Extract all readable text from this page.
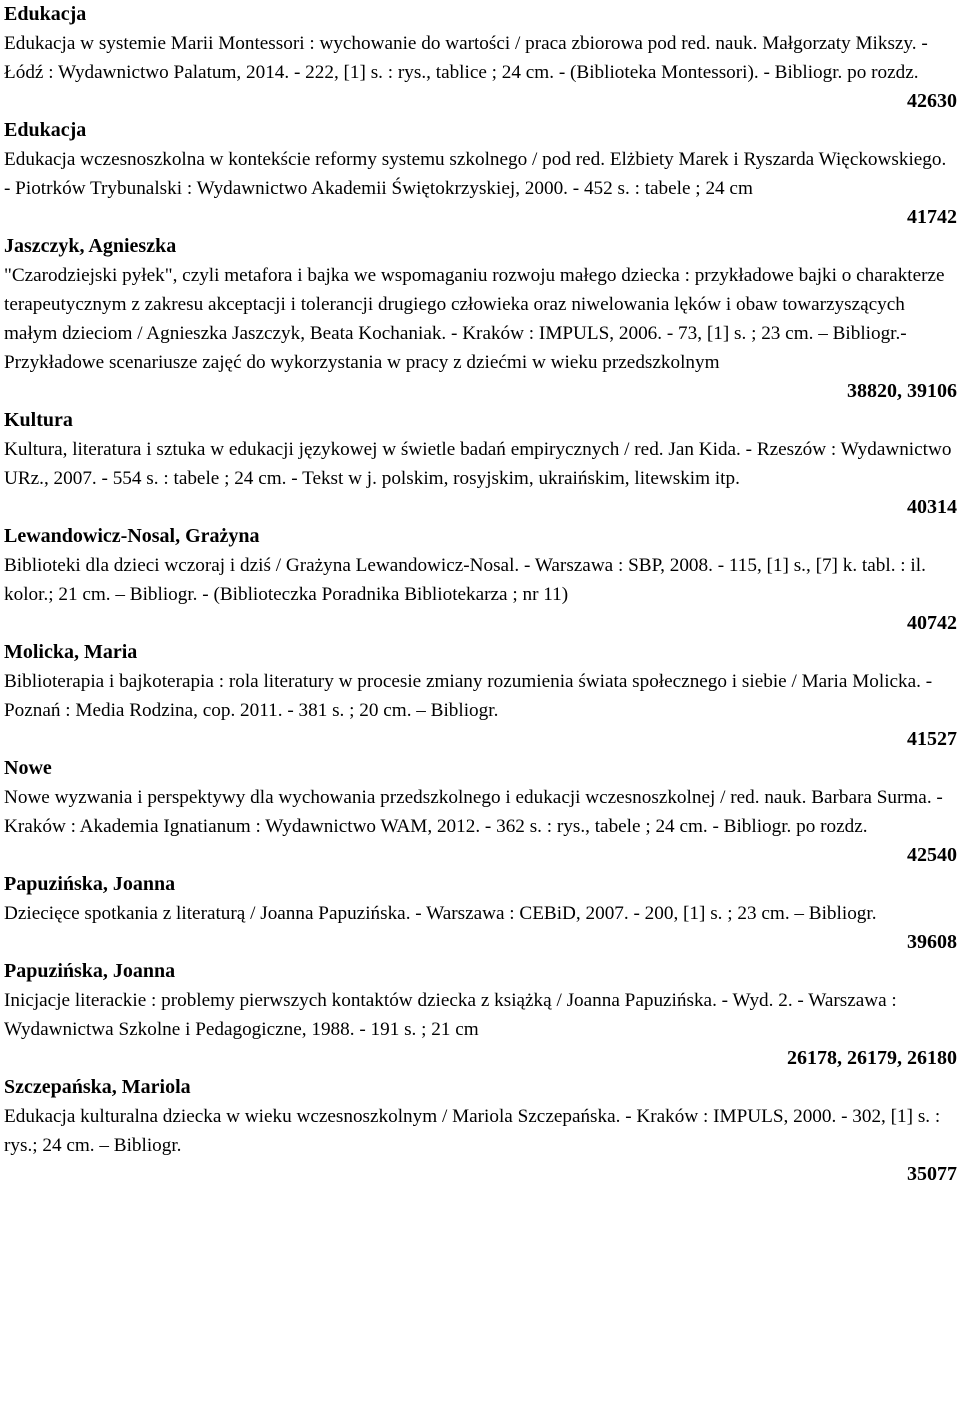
Edukacja
Edukacja w systemie Marii Montessori : wychowanie do wartości / praca zbiorowa pod red. nauk. Małgorzaty Mikszy. - Łódź : Wydawnictwo Palatum, 2014. - 222, [1] s. : rys., tablice ; 24 cm. - (Biblioteka Montessori). - Bibliogr. po rozdz.
42630
Edukacja
Edukacja wczesnoszkolna w kontekście reformy systemu szkolnego / pod red. Elżbiety Marek i Ryszarda Więckowskiego. - Piotrków Trybunalski : Wydawnictwo Akademii Świętokrzyskiej, 2000. - 452 s. : tabele ; 24 cm
41742
Jaszczyk, Agnieszka
"Czarodziejski pyłek", czyli metafora i bajka we wspomaganiu rozwoju małego dziecka : przykładowe bajki o charakterze terapeutycznym z zakresu akceptacji i tolerancji drugiego człowieka oraz niwelowania lęków i obaw towarzyszących małym dzieciom / Agnieszka Jaszczyk, Beata Kochaniak. - Kraków : IMPULS, 2006. - 73, [1] s. ; 23 cm. – Bibliogr.- Przykładowe scenariusze zajęć do wykorzystania w pracy z dziećmi w wieku przedszkolnym
38820, 39106
Kultura
Kultura, literatura i sztuka w edukacji językowej w świetle badań empirycznych / red. Jan Kida. - Rzeszów : Wydawnictwo URz., 2007. - 554 s. : tabele ; 24 cm. - Tekst w j. polskim, rosyjskim, ukraińskim, litewskim itp.
40314
Lewandowicz-Nosal, Grażyna
Biblioteki dla dzieci wczoraj i dziś / Grażyna Lewandowicz-Nosal. - Warszawa : SBP, 2008. - 115, [1] s., [7] k. tabl. : il. kolor.; 21 cm. – Bibliogr. - (Biblioteczka Poradnika Bibliotekarza ; nr 11)
40742
Molicka, Maria
Biblioterapia i bajkoterapia : rola literatury w procesie zmiany rozumienia świata społecznego i siebie / Maria Molicka. - Poznań : Media Rodzina, cop. 2011. - 381 s. ; 20 cm. – Bibliogr.
41527
Nowe
Nowe wyzwania i perspektywy dla wychowania przedszkolnego i edukacji wczesnoszkolnej / red. nauk. Barbara Surma. - Kraków : Akademia Ignatianum : Wydawnictwo WAM, 2012. - 362 s. : rys., tabele ; 24 cm. - Bibliogr. po rozdz.
42540
Papuzińska, Joanna
Dziecięce spotkania z literaturą / Joanna Papuzińska. - Warszawa : CEBiD, 2007. - 200, [1] s. ; 23 cm. – Bibliogr.
39608
Papuzińska, Joanna
Inicjacje literackie : problemy pierwszych kontaktów dziecka z książką / Joanna Papuzińska. - Wyd. 2. - Warszawa : Wydawnictwa Szkolne i Pedagogiczne, 1988. - 191 s. ; 21 cm
26178, 26179, 26180
Szczepańska, Mariola
Edukacja kulturalna dziecka w wieku wczesnoszkolnym / Mariola Szczepańska. - Kraków : IMPULS, 2000. - 302, [1] s. : rys.; 24 cm. – Bibliogr.
35077
